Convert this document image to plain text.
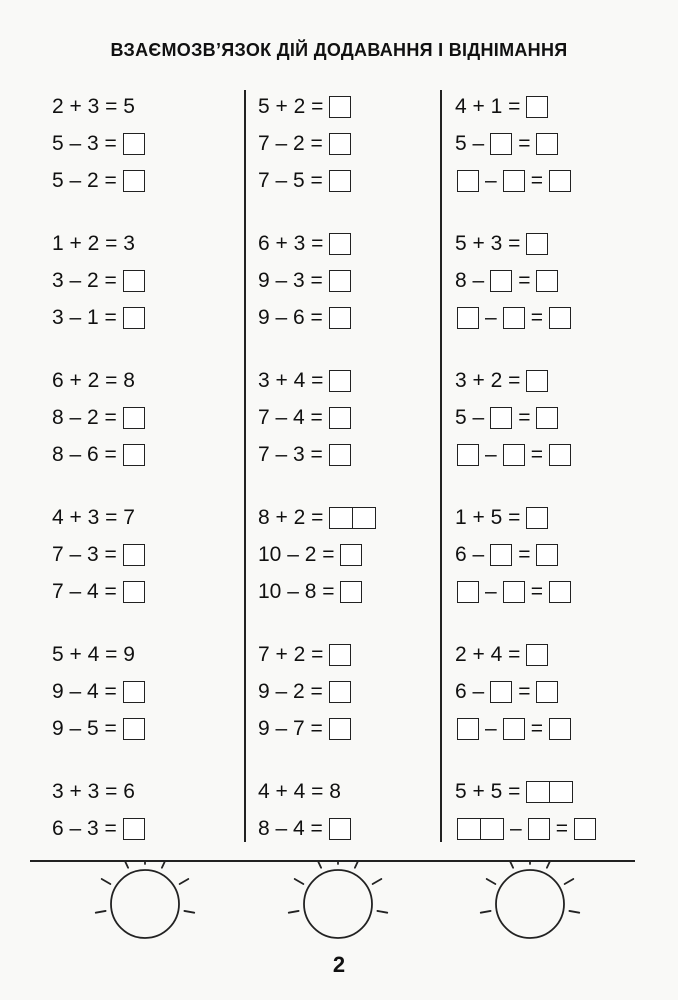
ВЗАЄМОЗВ’ЯЗОК ДІЙ ДОДАВАННЯ І ВІДНІМАННЯ
2 + 3 = 5
5 – 3 =
5 – 2 =
1 + 2 = 3
3 – 2 =
3 – 1 =
6 + 2 = 8
8 – 2 =
8 – 6 =
4 + 3 = 7
7 – 3 =
7 – 4 =
5 + 4 = 9
9 – 4 =
9 – 5 =
3 + 3 = 6
6 – 3 =
5 + 2 =
7 – 2 =
7 – 5 =
6 + 3 =
9 – 3 =
9 – 6 =
3 + 4 =
7 – 4 =
7 – 3 =
8 + 2 =
10 – 2 =
10 – 8 =
7 + 2 =
9 – 2 =
9 – 7 =
4 + 4 = 8
8 – 4 =
4 + 1 =
5 – =
– =
5 + 3 =
8 – =
– =
3 + 2 =
5 – =
– =
1 + 5 =
6 – =
– =
2 + 4 =
6 – =
– =
5 + 5 =
– =
2
